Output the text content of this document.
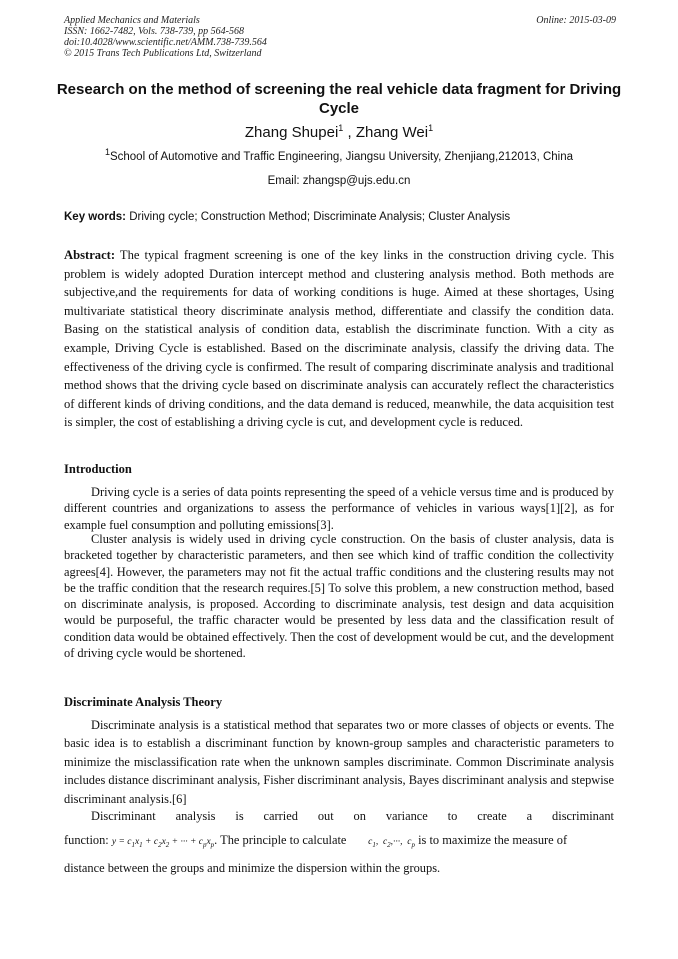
Applied Mechanics and Materials
ISSN: 1662-7482, Vols. 738-739, pp 564-568
doi:10.4028/www.scientific.net/AMM.738-739.564
© 2015 Trans Tech Publications Ltd, Switzerland
Online: 2015-03-09
Research on the method of screening the real vehicle data fragment for Driving Cycle
Zhang Shupei$^1$ , Zhang Wei$^1$
$^1$School of Automotive and Traffic Engineering, Jiangsu University, Zhenjiang,212013, China
Email: zhangsp@ujs.edu.cn
Key words: Driving cycle; Construction Method; Discriminate Analysis; Cluster Analysis
Abstract: The typical fragment screening is one of the key links in the construction driving cycle. This problem is widely adopted Duration intercept method and clustering analysis method. Both methods are subjective,and the requirements for data of working conditions is huge. Aimed at these shortages, Using multivariate statistical theory discriminate analysis method, differentiate and classify the condition data. Basing on the statistical analysis of condition data, establish the discriminate function. With a city as example, Driving Cycle is established. Based on the discriminate analysis, classify the driving data. The effectiveness of the driving cycle is confirmed. The result of comparing discriminate analysis and traditional method shows that the driving cycle based on discriminate analysis can accurately reflect the characteristics of different kinds of driving conditions, and the data demand is reduced, meanwhile, the data acquisition test is simpler, the cost of establishing a driving cycle is cut, and development cycle is reduced.
Introduction

Driving cycle is a series of data points representing the speed of a vehicle versus time and is produced by different countries and organizations to assess the performance of vehicles in various ways[1][2], as for example fuel consumption and polluting emissions[3].

Cluster analysis is widely used in driving cycle construction. On the basis of cluster analysis, data is bracketed together by characteristic parameters, and then see which kind of traffic condition the collectivity agrees[4]. However, the parameters may not fit the actual traffic conditions and the clustering results may not be the traffic condition that the research requires.[5] To solve this problem, a new construction method, based on discriminate analysis, is proposed. According to discriminate analysis, test design and data acquisition would be purposeful, the traffic character would be presented by less data and the classification result of condition data would be obtained effectively. Then the cost of development would be cut, and the development of driving cycle would be shortened.

Discriminate Analysis Theory

Discriminate analysis is a statistical method that separates two or more classes of objects or events. The basic idea is to establish a discriminant function by known-group samples and characteristic parameters to minimize the misclassification rate when the unknown samples discriminate. Common Discriminate analysis includes distance discriminant analysis, Fisher discriminant analysis, Bayes discriminant analysis and stepwise discriminant analysis.[6]

Discriminant analysis is carried out on variance to create a discriminant
function: $y = c_1x_1 + c_2x_2$ + ··· + $c_px_p$. The principle to calculate $c_1$,  $c_2,\cdot\cdot\cdot$,  $c_p$ is to maximize the measure of
distance between the groups and minimize the dispersion within the groups.
